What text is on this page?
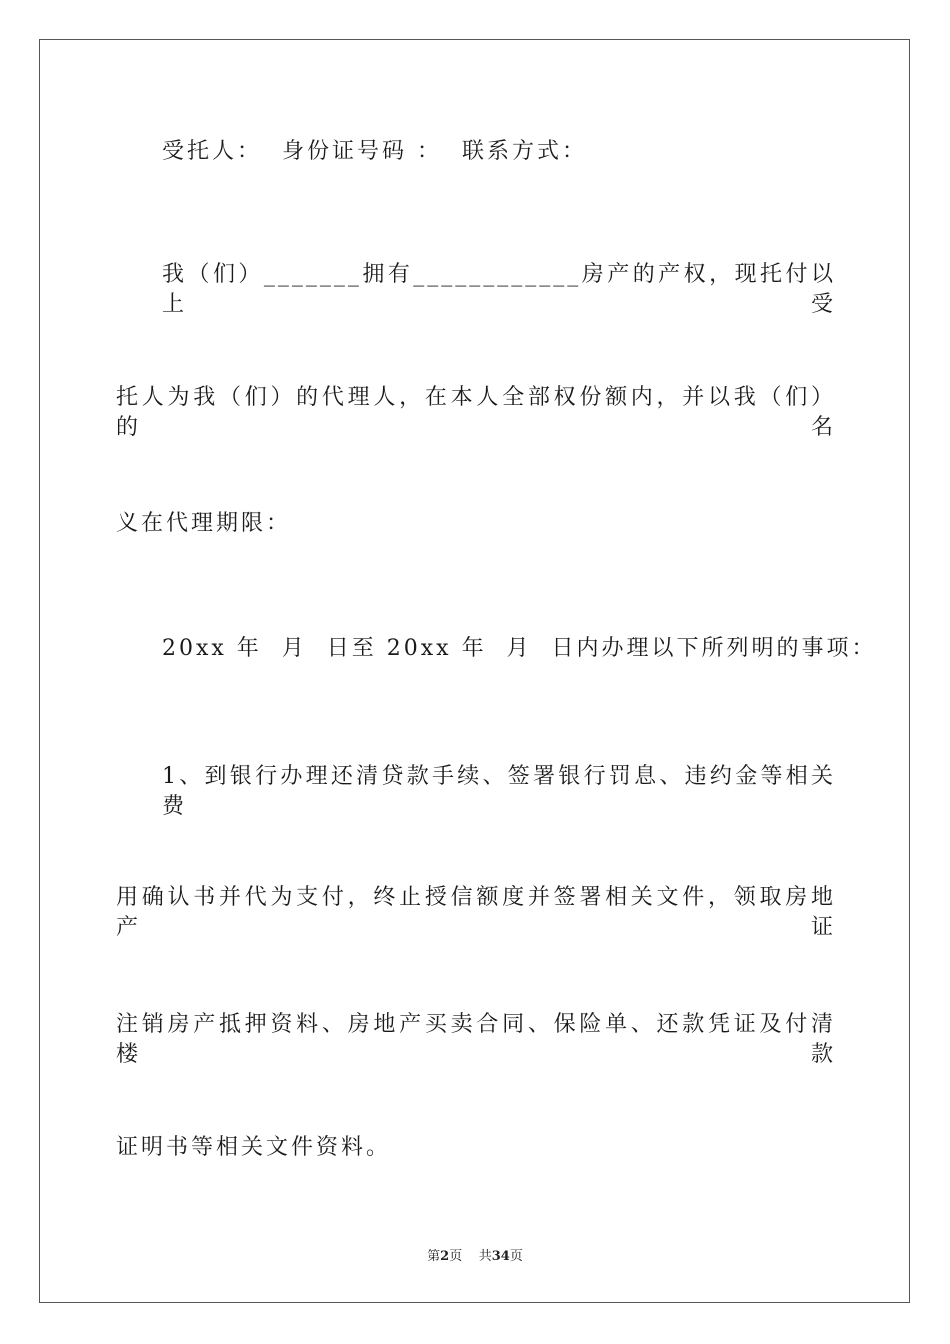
受托人：  身份证号码 ：  联系方式：
我（们）_______拥有____________房产的产权，现托付以上受
托人为我（们）的代理人，在本人全部权份额内，并以我（们）的名
义在代理期限：
20xx 年  月  日至 20xx 年  月  日内办理以下所列明的事项：
1、到银行办理还清贷款手续、签署银行罚息、违约金等相关费
用确认书并代为支付，终止授信额度并签署相关文件，领取房地产证
注销房产抵押资料、房地产买卖合同、保险单、还款凭证及付清楼款
证明书等相关文件资料。
第2页 共34页
